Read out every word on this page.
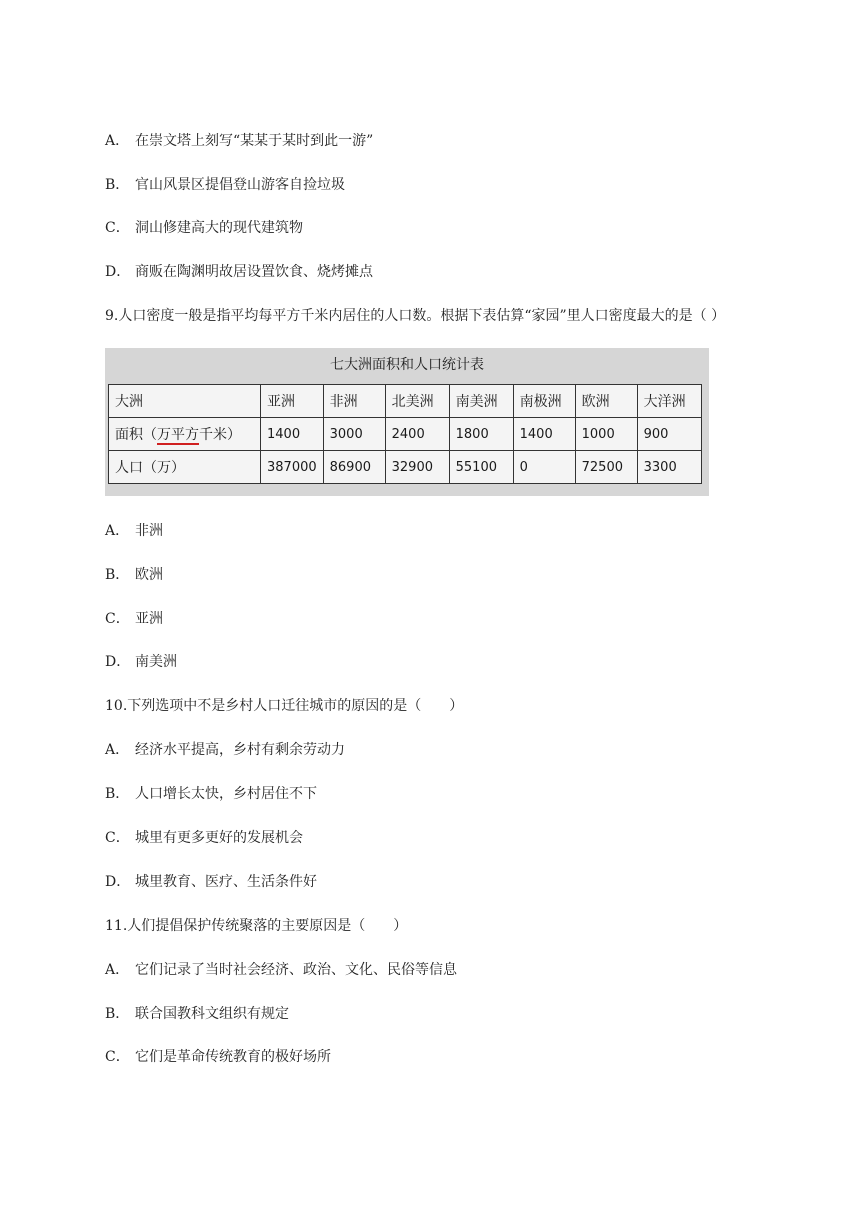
A． 在崇文塔上刻写“某某于某时到此一游”
B． 官山风景区提倡登山游客自捡垃圾
C． 洞山修建高大的现代建筑物
D． 商贩在陶渊明故居设置饮食、烧烤摊点
9.人口密度一般是指平均每平方千米内居住的人口数。根据下表估算“家园”里人口密度最大的是（ ）
七大洲面积和人口统计表
大洲	亚洲	非洲	北美洲	南美洲	南极洲	欧洲	大洋洲
面积（万平方千米）	1400	3000	2400	1800	1400	1000	900
人口（万）	387000	86900	32900	55100	0	72500	3300
A． 非洲
B． 欧洲
C． 亚洲
D． 南美洲
10.下列选项中不是乡村人口迁往城市的原因的是（　　）
A． 经济水平提高，乡村有剩余劳动力
B． 人口增长太快，乡村居住不下
C． 城里有更多更好的发展机会
D． 城里教育、医疗、生活条件好
11.人们提倡保护传统聚落的主要原因是（　　）
A． 它们记录了当时社会经济、政治、文化、民俗等信息
B． 联合国教科文组织有规定
C． 它们是革命传统教育的极好场所
